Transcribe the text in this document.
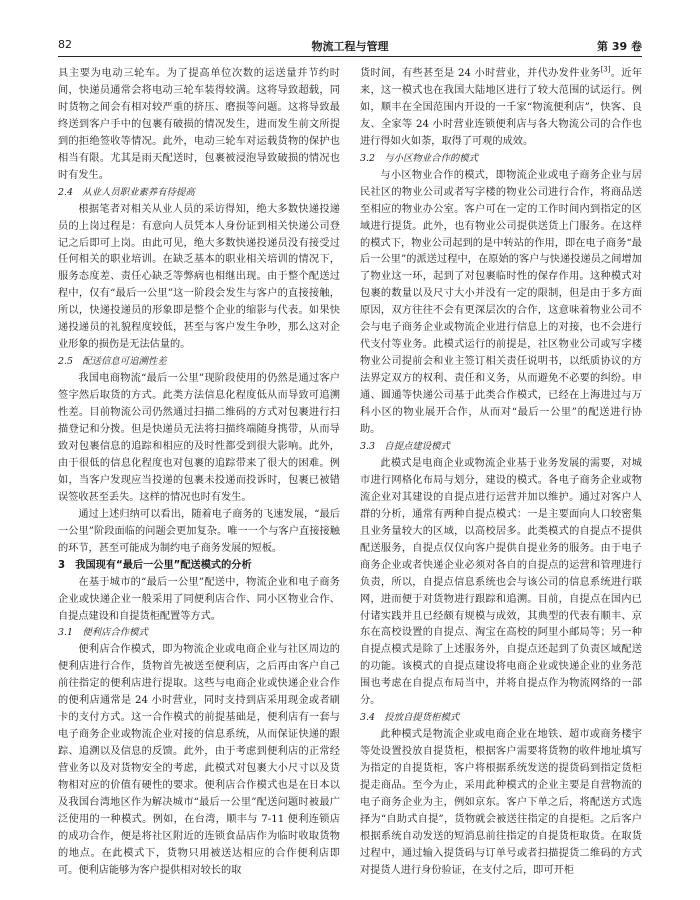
82	物流工程与管理	第 39 卷

具主要为电动三轮车。为了提高单位次数的运送量并节约时间，快递员通常会将电动三轮车装得较满。这将导致超载，同时货物之间会有相对较严重的挤压、磨损等问题。这将导致最终送到客户手中的包裹有破损的情况发生，进而发生前文所提到的拒绝签收等情况。此外，电动三轮车对运载货物的保护也相当有限。尤其是雨天配送时，包裹被浸泡导致破损的情况也时有发生。

2.4　从业人员职业素养有待提高

根据笔者对相关从业人员的采访得知，绝大多数快递投递员的上岗过程是：有意向人员凭本人身份证到相关快递公司登记之后即可上岗。由此可见，绝大多数快递投递员没有接受过任何相关的职业培训。在缺乏基本的职业相关培训的情况下，服务态度差、责任心缺乏等弊病也相继出现。由于整个配送过程中，仅有“最后一公里”这一阶段会发生与客户的直接接触，所以，快递投递员的形象即是整个企业的缩影与代表。如果快递投递员的礼貌程度较低，甚至与客户发生争吵，那么这对企业形象的损伤是无法估量的。

2.5　配送信息可追溯性差

我国电商物流“最后一公里”现阶段使用的仍然是通过客户签字然后取货的方式。此类方法信息化程度低从而导致可追溯性差。目前物流公司仍然通过扫描二维码的方式对包裹进行扫描登记和分拨。但是快递员无法将扫描终端随身携带，从而导致对包裹信息的追踪和相应的及时性都受到很大影响。此外，由于很低的信息化程度也对包裹的追踪带来了很大的困难。例如，当客户发现应当投递的包裹未投递而投诉时，包裹已被错误签收甚至丢失。这样的情况也时有发生。

通过上述归纳可以看出，随着电子商务的飞速发展，“最后一公里”阶段面临的问题会更加复杂。唯一一个与客户直接接触的环节，甚至可能成为制约电子商务发展的短板。

3　我国现有“最后一公里”配送模式的分析

在基于城市的“最后一公里”配送中，物流企业和电子商务企业或快递企业一般采用了同便利店合作、同小区物业合作、自提点建设和自提货柜配置等方式。

3.1　便利店合作模式

便利店合作模式，即为物流企业或电商企业与社区周边的便利店进行合作，货物首先被送至便利店，之后再由客户自己前往指定的便利店进行提取。这些与电商企业或快递企业合作的便利店通常是 24 小时营业，同时支持到店采用现金或者刷卡的支付方式。这一合作模式的前提基础是，便利店有一套与电子商务企业或物流企业对接的信息系统，从而保证快递的跟踪、追溯以及信息的反馈。此外，由于考虑到便利店的正常经营业务以及对货物安全的考虑，此模式对包裹大小尺寸以及货物相对应的价值有硬性的要求。便利店合作模式也是在日本以及我国台湾地区作为解决城市“最后一公里”配送问题时被最广泛使用的一种模式。例如，在台湾，顺丰与 7-11 便利连锁店的成功合作，便是将社区附近的连锁食品店作为临时收取货物的地点。在此模式下，货物只用被送达相应的合作便利店即可。便利店能够为客户提供相对较长的取

货时间，有些甚至是 24 小时营业，并代办发件业务[3]。近年来，这一模式也在我国大陆地区进行了较大范围的试运行。例如，顺丰在全国范围内开设的一千家“物流便利店”，快客、良友、全家等 24 小时营业连锁便利店与各大物流公司的合作也进行得如火如荼，取得了可观的成效。

3.2　与小区物业合作的模式

与小区物业合作的模式，即物流企业或电子商务企业与居民社区的物业公司或者写字楼的物业公司进行合作，将商品送至相应的物业办公室。客户可在一定的工作时间内到指定的区域进行提货。此外，也有物业公司提供送货上门服务。在这样的模式下，物业公司起到的是中转站的作用，即在电子商务“最后一公里”的派送过程中，在原始的客户与快递投递员之间增加了物业这一环，起到了对包裹临时性的保存作用。这种模式对包裹的数量以及尺寸大小并没有一定的限制，但是由于多方面原因，双方往往不会有更深层次的合作，这意味着物业公司不会与电子商务企业或物流企业进行信息上的对接，也不会进行代支付等业务。此模式运行的前提是，社区物业公司或写字楼物业公司提前会和业主签订相关责任说明书，以纸质协议的方法界定双方的权利、责任和义务，从而避免不必要的纠纷。申通、圆通等快递公司基于此类合作模式，已经在上海进过与万科小区的物业展开合作，从而对“最后一公里”的配送进行协助。

3.3　自提点建设模式

此模式是电商企业或物流企业基于业务发展的需要，对城市进行网格化布局与划分，建设的模式。各电子商务企业或物流企业对其建设的自提点进行运营并加以维护。通过对客户人群的分析，通常有两种自提点模式：一是主要面向人口较密集且业务量较大的区域，以高校居多。此类模式的自提点不提供配送服务，自提点仅仅向客户提供自提业务的服务。由于电子商务企业或者快递企业必须对各自的自提点的运营和管理进行负责，所以，自提点信息系统也会与该公司的信息系统进行联网，进而便于对货物进行跟踪和追溯。目前，自提点在国内已付诸实践并且已经颇有规模与成效，其典型的代表有顺丰、京东在高校设置的自提点、淘宝在高校的阿里小邮局等；另一种自提点模式是除了上述服务外，自提点还起到了负责区域配送的功能。该模式的自提点建设将电商企业或快递企业的业务范围也考虑在自提点布局当中，并将自提点作为物流网络的一部分。

3.4　投放自提货柜模式

此种模式是物流企业或电商企业在地铁、超市或商务楼宇等处设置投放自提货柜，根据客户需要将货物的收件地址填写为指定的自提货柜，客户将根据系统发送的提货码到指定货柜提走商品。至今为止，采用此种模式的企业主要是自营物流的电子商务企业为主，例如京东。客户下单之后，将配送方式选择为“自助式自提”，货物就会被送往指定的自提柜。之后客户根据系统自动发送的短消息前往指定的自提货柜取货。在取货过程中，通过输入提货码与订单号或者扫描提货二维码的方式对提货人进行身份验证，在支付之后，即可开柜
